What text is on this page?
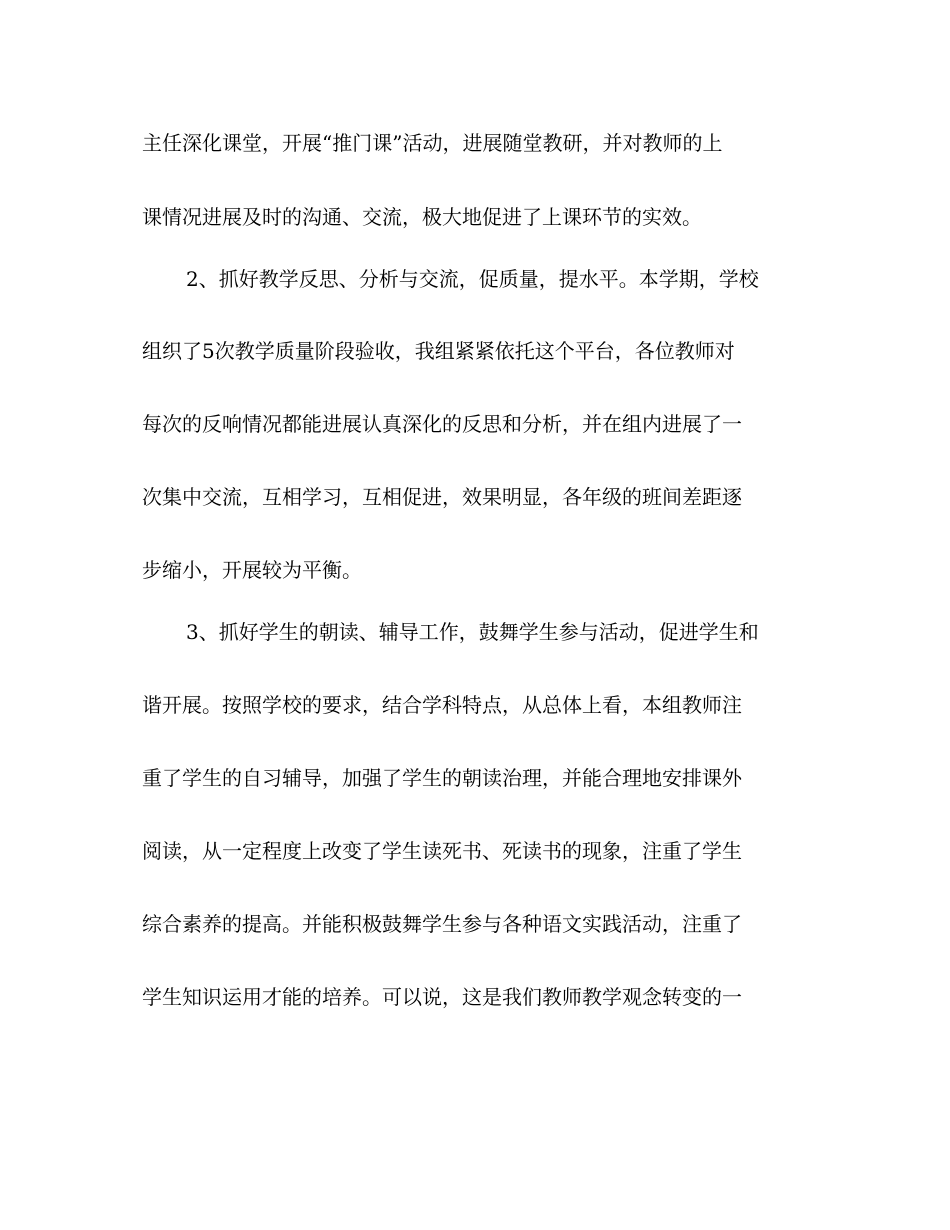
主任深化课堂，开展“推门课”活动，进展随堂教研，并对教师的上
课情况进展及时的沟通、交流，极大地促进了上课环节的实效。
2、抓好教学反思、分析与交流，促质量，提水平。本学期，学校
组织了5次教学质量阶段验收，我组紧紧依托这个平台，各位教师对
每次的反响情况都能进展认真深化的反思和分析，并在组内进展了一
次集中交流，互相学习，互相促进，效果明显，各年级的班间差距逐
步缩小，开展较为平衡。
3、抓好学生的朝读、辅导工作，鼓舞学生参与活动，促进学生和
谐开展。按照学校的要求，结合学科特点，从总体上看，本组教师注
重了学生的自习辅导，加强了学生的朝读治理，并能合理地安排课外
阅读，从一定程度上改变了学生读死书、死读书的现象，注重了学生
综合素养的提高。并能积极鼓舞学生参与各种语文实践活动，注重了
学生知识运用才能的培养。可以说，这是我们教师教学观念转变的一
